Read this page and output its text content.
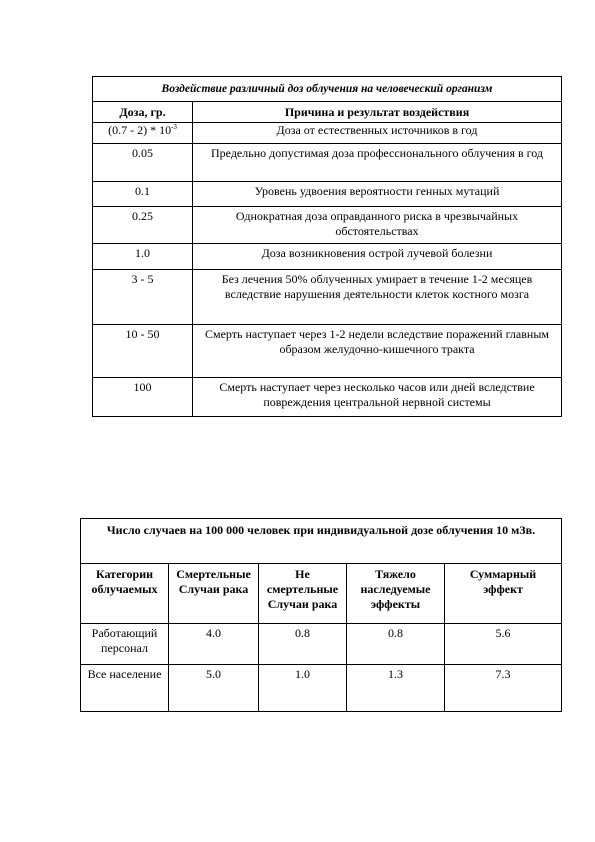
Воздействие различный доз облучения на человеческий организм	
Доза, гр.	Причина и результат воздействия
$(0.7 - 2) * 10^{-3}$	Доза от естественных источников в год
0.05	Предельно допустимая доза профессионального облучения в год
0.1	Уровень удвоения вероятности генных мутаций
0.25	Однократная доза оправданного риска в чрезвычайных обстоятельствах
1.0	Доза возникновения острой лучевой болезни
3 - 5	Без лечения 50% облученных умирает в течение 1-2 месяцев вследствие нарушения деятельности клеток костного мозга
10 - 50	Смерть наступает через 1-2 недели вследствие поражений главным образом желудочно-кишечного тракта
100	Смерть наступает через несколько часов или дней вследствие повреждения центральной нервной системы
Число случаев на 100 000 человек при индивидуальной дозе облучения 10 мЗв.				
Категории облучаемых	Смертельные Случаи рака	Не смертельные Случаи рака	Тяжело наследуемые эффекты	Суммарный эффект
Работающий персонал	4.0	0.8	0.8	5.6
Все население	5.0	1.0	1.3	7.3
